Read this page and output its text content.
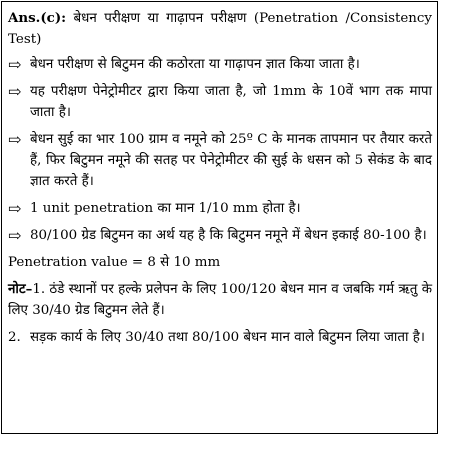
Ans.(c): बेधन परीक्षण या गाढ़ापन परीक्षण (Penetration /Consistency Test)
⇨ बेधन परीक्षण से बिटुमन की कठोरता या गाढ़ापन ज्ञात किया जाता है।
⇨ यह परीक्षण पेनेट्रोमीटर द्वारा किया जाता है, जो 1mm के 10वें भाग तक मापा जाता है।
⇨ बेधन सुई का भार 100 ग्राम व नमूने को 25º C के मानक तापमान पर तैयार करते हैं, फिर बिटुमन नमूने की सतह पर पेनेट्रोमीटर की सुई के धसन को 5 सेकंड के बाद ज्ञात करते हैं।
⇨ 1 unit penetration का मान 1/10 mm होता है।
⇨ 80/100 ग्रेड बिटुमन का अर्थ यह है कि बिटुमन नमूने में बेधन इकाई 80-100 है।
Penetration value = 8 से 10 mm
नोट–1. ठंडे स्थानों पर हल्के प्रलेपन के लिए 100/120 बेधन मान व जबकि गर्म ऋतु के लिए 30/40 ग्रेड बिटुमन लेते हैं।
2. सड़क कार्य के लिए 30/40 तथा 80/100 बेधन मान वाले बिटुमन लिया जाता है।
